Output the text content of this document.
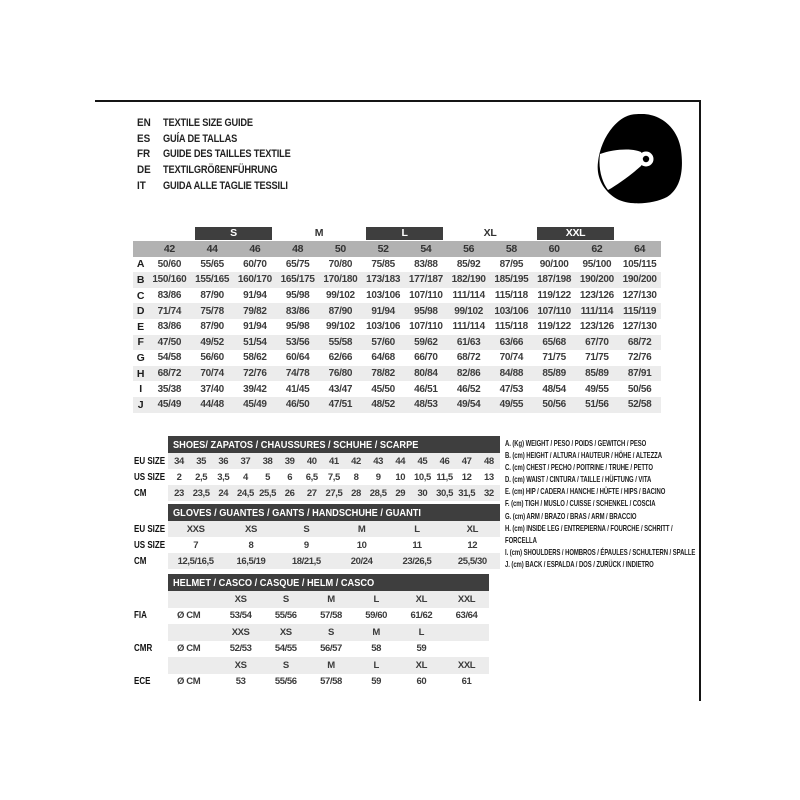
EN TEXTILE SIZE GUIDE
ES GUÍA DE TALLAS
FR GUIDE DES TAILLES TEXTILE
DE TEXTILGRÖßENFÜHRUNG
IT GUIDA ALLE TAGLIE TESSILI

		S		M		L		XL		XXL		

	42	44	46	48	50	52	54	56	58	60	62	64
A	50/60	55/65	60/70	65/75	70/80	75/85	83/88	85/92	87/95	90/100	95/100	105/115
B	150/160	155/165	160/170	165/175	170/180	173/183	177/187	182/190	185/195	187/198	190/200	190/200
C	83/86	87/90	91/94	95/98	99/102	103/106	107/110	111/114	115/118	119/122	123/126	127/130
D	71/74	75/78	79/82	83/86	87/90	91/94	95/98	99/102	103/106	107/110	111/114	115/119
E	83/86	87/90	91/94	95/98	99/102	103/106	107/110	111/114	115/118	119/122	123/126	127/130
F	47/50	49/52	51/54	53/56	55/58	57/60	59/62	61/63	63/66	65/68	67/70	68/72
G	54/58	56/60	58/62	60/64	62/66	64/68	66/70	68/72	70/74	71/75	71/75	72/76
H	68/72	70/74	72/76	74/78	76/80	78/82	80/84	82/86	84/88	85/89	85/89	87/91
I	35/38	37/40	39/42	41/45	43/47	45/50	46/51	46/52	47/53	48/54	49/55	50/56
J	45/49	44/48	45/49	46/50	47/51	48/52	48/53	49/54	49/55	50/56	51/56	52/58
	SHOES/ ZAPATOS / CHAUSSURES / SCHUHE / SCARPE														
EU SIZE	34	35	36	37	38	39	40	41	42	43	44	45	46	47	48
US SIZE	2	2,5	3,5	4	5	6	6,5	7,5	8	9	10	10,5	11,5	12	13
CM	23	23,5	24	24,5	25,5	26	27	27,5	28	28,5	29	30	30,5	31,5	32
	GLOVES / GUANTES / GANTS / HANDSCHUHE / GUANTI					
EU SIZE	XXS	XS	S	M	L	XL
US SIZE	7	8	9	10	11	12
CM	12,5/16,5	16,5/19	18/21,5	20/24	23/26,5	25,5/30
	HELMET / CASCO / CASQUE / HELM / CASCO						
		XS	S	M	L	XL	XXL
FIA	Ø CM	53/54	55/56	57/58	59/60	61/62	63/64
		XXS	XS	S	M	L	
CMR	Ø CM	52/53	54/55	56/57	58	59	
		XS	S	M	L	XL	XXL
ECE	Ø CM	53	55/56	57/58	59	60	61
A. (Kg) WEIGHT / PESO / POIDS / GEWITCH / PESO
B. (cm) HEIGHT / ALTURA / HAUTEUR / HÖHE / ALTEZZA
C. (cm) CHEST / PECHO / POITRINE / TRUHE / PETTO
D. (cm) WAIST / CINTURA / TAILLE / HÜFTUNG / VITA
E. (cm) HIP / CADERA / HANCHE / HÜFTE / HIPS / BACINO
F. (cm) TIGH / MUSLO / CUISSE / SCHENKEL / COSCIA
G. (cm) ARM / BRAZO / BRAS / ARM / BRACCIO
H. (cm) INSIDE LEG / ENTREPIERNA / FOURCHE / SCHRITT / FORCELLA
I. (cm) SHOULDERS / HOMBROS / ÉPAULES / SCHULTERN / SPALLE
J. (cm) BACK / ESPALDA / DOS / ZURÜCK / INDIETRO
